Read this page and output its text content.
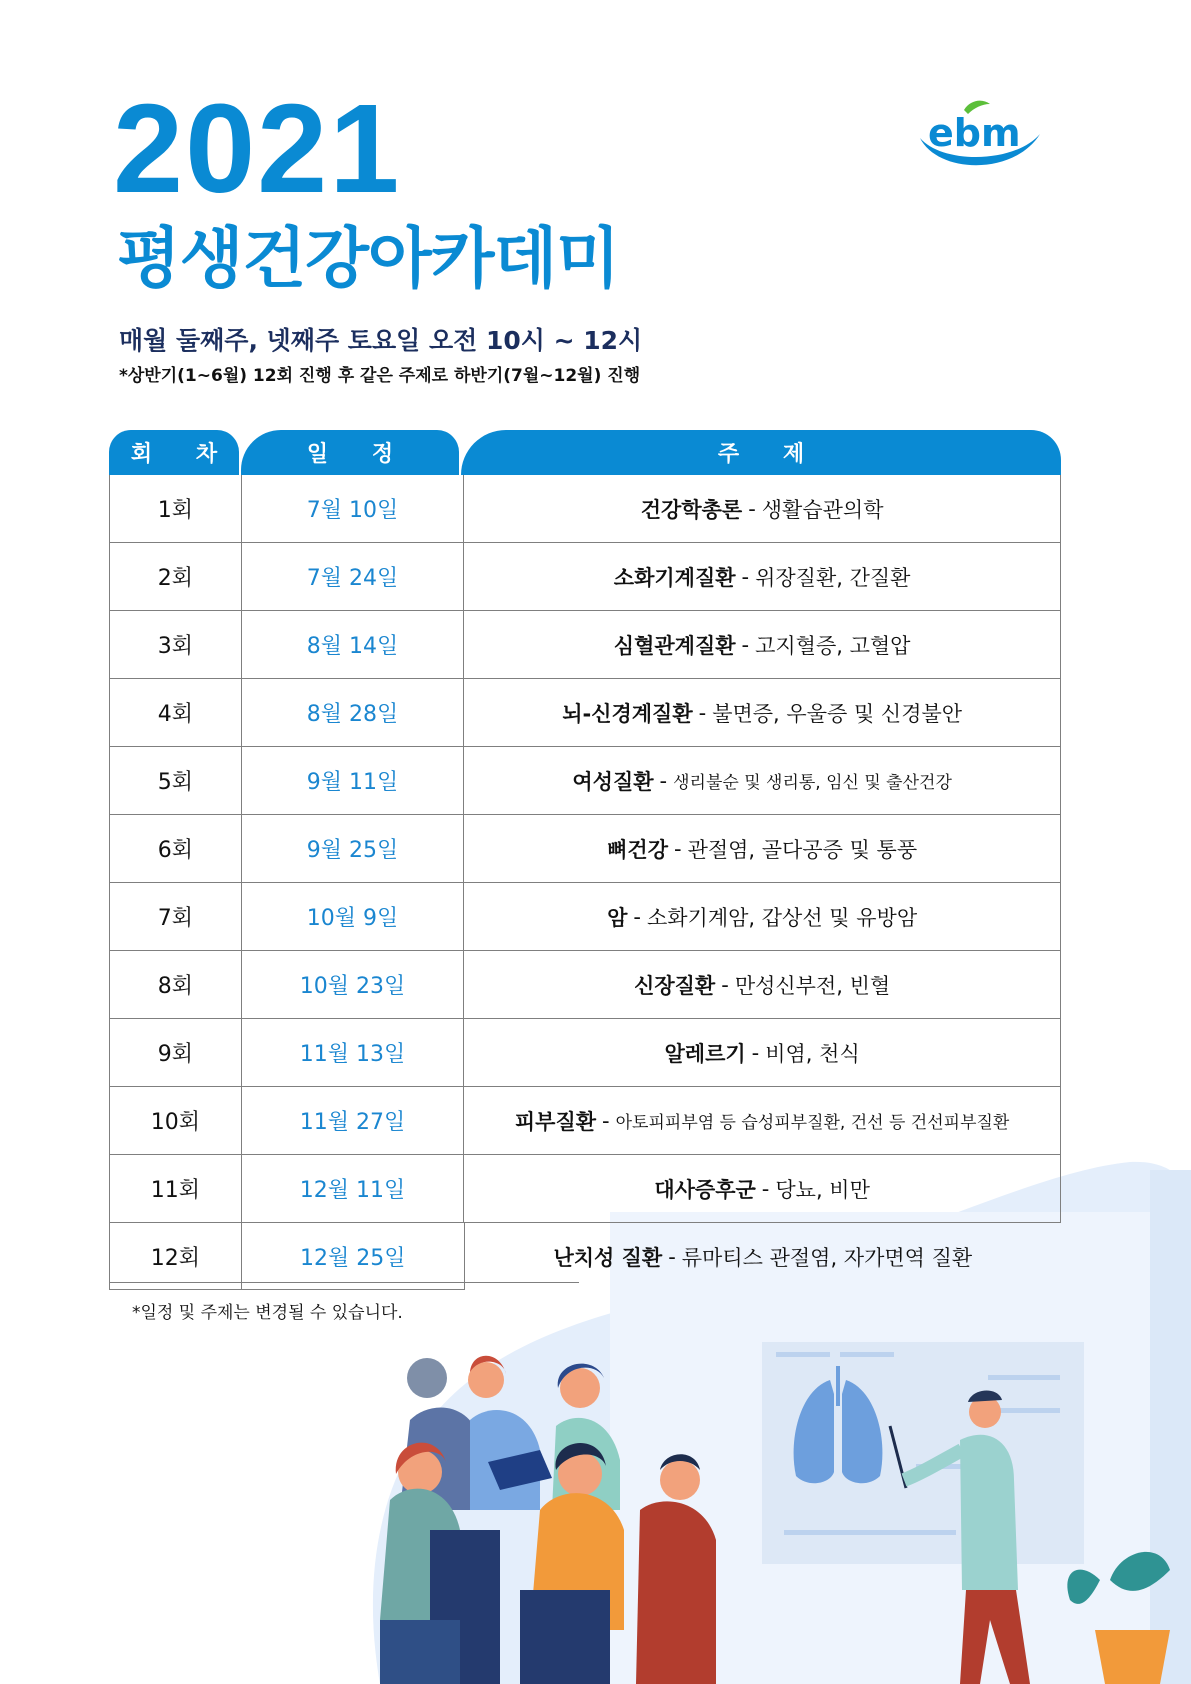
2021
평생건강아카데미

매월 둘째주, 넷째주 토요일 오전 10시 ~ 12시

*상반기(1~6월) 12회 진행 후 같은 주제로 하반기(7월~12월) 진행

ebm
회 차	일 정	주 제
1회	7월 10일	건강학총론 - 생활습관의학
2회	7월 24일	소화기계질환 - 위장질환, 간질환
3회	8월 14일	심혈관계질환 - 고지혈증, 고혈압
4회	8월 28일	뇌-신경계질환 - 불면증, 우울증 및 신경불안
5회	9월 11일	여성질환 - 생리불순 및 생리통, 임신 및 출산건강
6회	9월 25일	뼈건강 - 관절염, 골다공증 및 통풍
7회	10월 9일	암 - 소화기계암, 갑상선 및 유방암
8회	10월 23일	신장질환 - 만성신부전, 빈혈
9회	11월 13일	알레르기 - 비염, 천식
10회	11월 27일	피부질환 - 아토피피부염 등 습성피부질환, 건선 등 건선피부질환
11회	12월 11일	대사증후군 - 당뇨, 비만
12회	12월 25일	난치성 질환 - 류마티스 관절염, 자가면역 질환
*일정 및 주제는 변경될 수 있습니다.
